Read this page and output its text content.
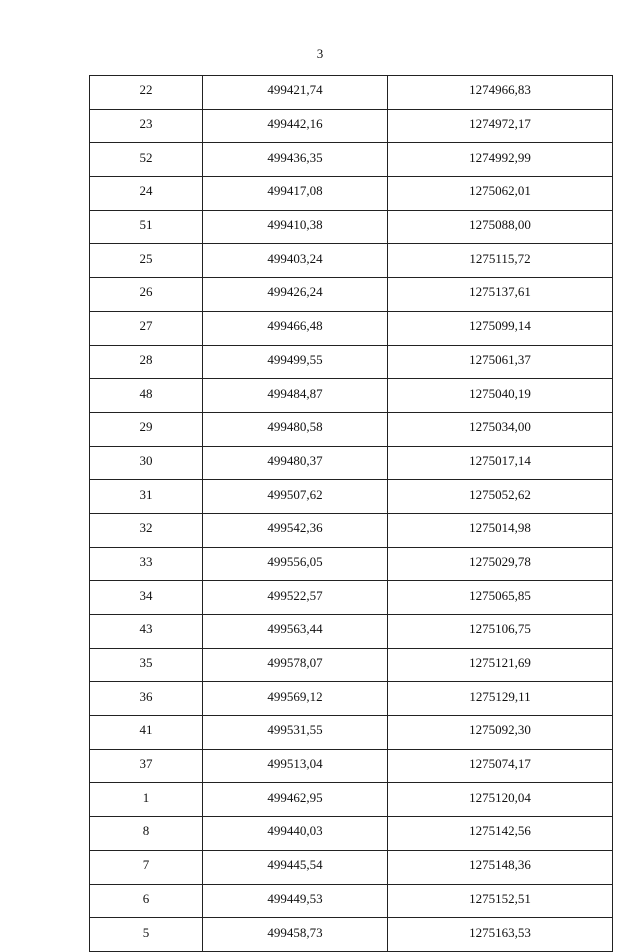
3
22	499421,74	1274966,83
23	499442,16	1274972,17
52	499436,35	1274992,99
24	499417,08	1275062,01
51	499410,38	1275088,00
25	499403,24	1275115,72
26	499426,24	1275137,61
27	499466,48	1275099,14
28	499499,55	1275061,37
48	499484,87	1275040,19
29	499480,58	1275034,00
30	499480,37	1275017,14
31	499507,62	1275052,62
32	499542,36	1275014,98
33	499556,05	1275029,78
34	499522,57	1275065,85
43	499563,44	1275106,75
35	499578,07	1275121,69
36	499569,12	1275129,11
41	499531,55	1275092,30
37	499513,04	1275074,17
1	499462,95	1275120,04
8	499440,03	1275142,56
7	499445,54	1275148,36
6	499449,53	1275152,51
5	499458,73	1275163,53
